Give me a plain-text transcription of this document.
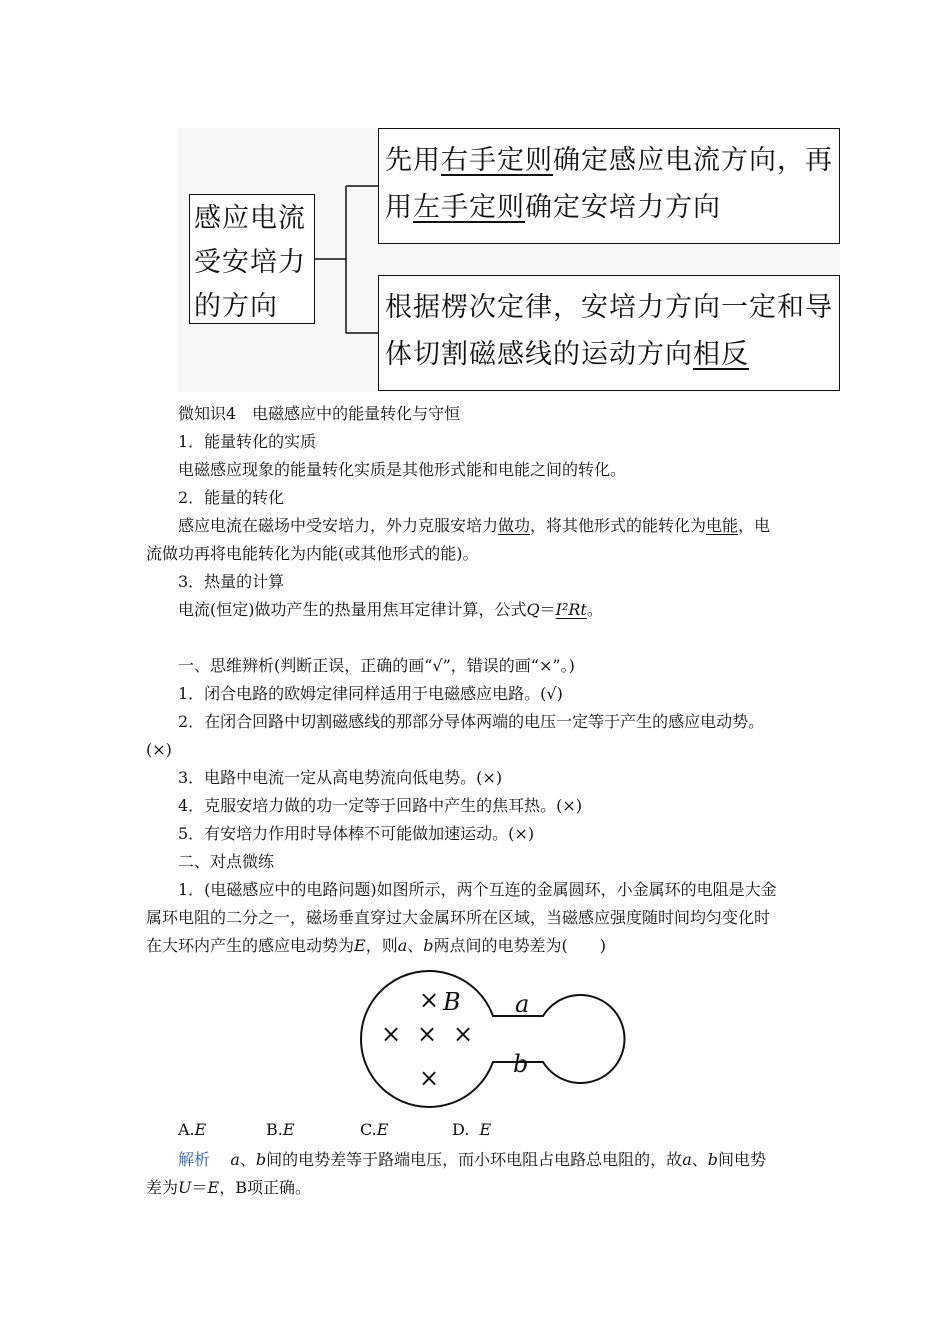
感应电流
受安培力
的方向
先用右手定则确定感应电流方向，再
用左手定则确定安培力方向
根据楞次定律，安培力方向一定和导
体切割磁感线的运动方向相反
微知识4　电磁感应中的能量转化与守恒
1．能量转化的实质
电磁感应现象的能量转化实质是其他形式能和电能之间的转化。
2．能量的转化
感应电流在磁场中受安培力，外力克服安培力做功，将其他形式的能转化为电能，电
流做功再将电能转化为内能(或其他形式的能)。
3．热量的计算
电流(恒定)做功产生的热量用焦耳定律计算，公式Q＝I²Rt。
一、思维辨析(判断正误，正确的画“√”，错误的画“×”。)
1．闭合电路的欧姆定律同样适用于电磁感应电路。(√)
2．在闭合回路中切割磁感线的那部分导体两端的电压一定等于产生的感应电动势。
(×)
3．电路中电流一定从高电势流向低电势。(×)
4．克服安培力做的功一定等于回路中产生的焦耳热。(×)
5．有安培力作用时导体棒不可能做加速运动。(×)
二、对点微练
1．(电磁感应中的电路问题)如图所示，两个互连的金属圆环，小金属环的电阻是大金
属环电阻的二分之一，磁场垂直穿过大金属环所在区域，当磁感应强度随时间均匀变化时
在大环内产生的感应电动势为E，则a、b两点间的电势差为(　　)
×
× × ×
×
B a
b
A.E	B.E	C.E	D. E
解析 a、b间的电势差等于路端电压，而小环电阻占电路总电阻的，故a、b间电势
差为U＝E，B项正确。
